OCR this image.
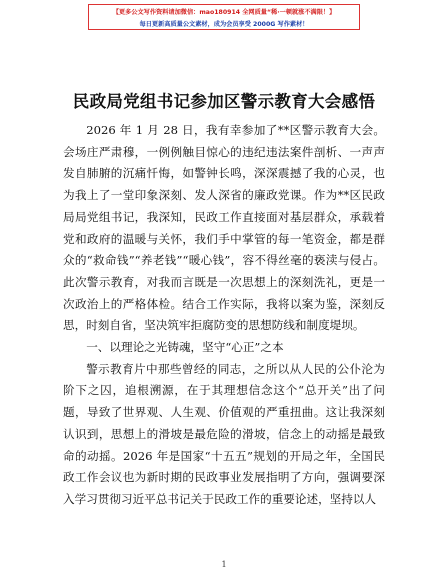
【更多公文写作资料请加微信：mao180914 全网质量“稀·一顿就涨不满限！】
每日更新高质量公文素材，成为会员享受 2000G 写作素材！
民政局党组书记参加区警示教育大会感悟

2026 年 1 月 28 日，我有幸参加了**区警示教育大会。会场庄严肃穆，一例例触目惊心的违纪违法案件剖析、一声声发自肺腑的沉痛忏悔，如警钟长鸣，深深震撼了我的心灵，也为我上了一堂印象深刻、发人深省的廉政党课。作为**区民政局局党组书记，我深知，民政工作直接面对基层群众，承载着党和政府的温暖与关怀，我们手中掌管的每一笔资金，都是群众的“救命钱”“养老钱”“暖心钱”，容不得丝毫的亵渎与侵占。此次警示教育，对我而言既是一次思想上的深刻洗礼，更是一次政治上的严格体检。结合工作实际，我将以案为鉴，深刻反思，时刻自省，坚决筑牢拒腐防变的思想防线和制度堤坝。

一、以理论之光铸魂，坚守“心正”之本

警示教育片中那些曾经的同志，之所以从人民的公仆沦为阶下之囚，追根溯源，在于其理想信念这个“总开关”出了问题，导致了世界观、人生观、价值观的严重扭曲。这让我深刻认识到，思想上的滑坡是最危险的滑坡，信念上的动摇是最致命的动摇。2026 年是国家“十五五”规划的开局之年，全国民政工作会议也为新时期的民政事业发展指明了方向，强调要深入学习贯彻习近平总书记关于民政工作的重要论述，坚持以人

1
